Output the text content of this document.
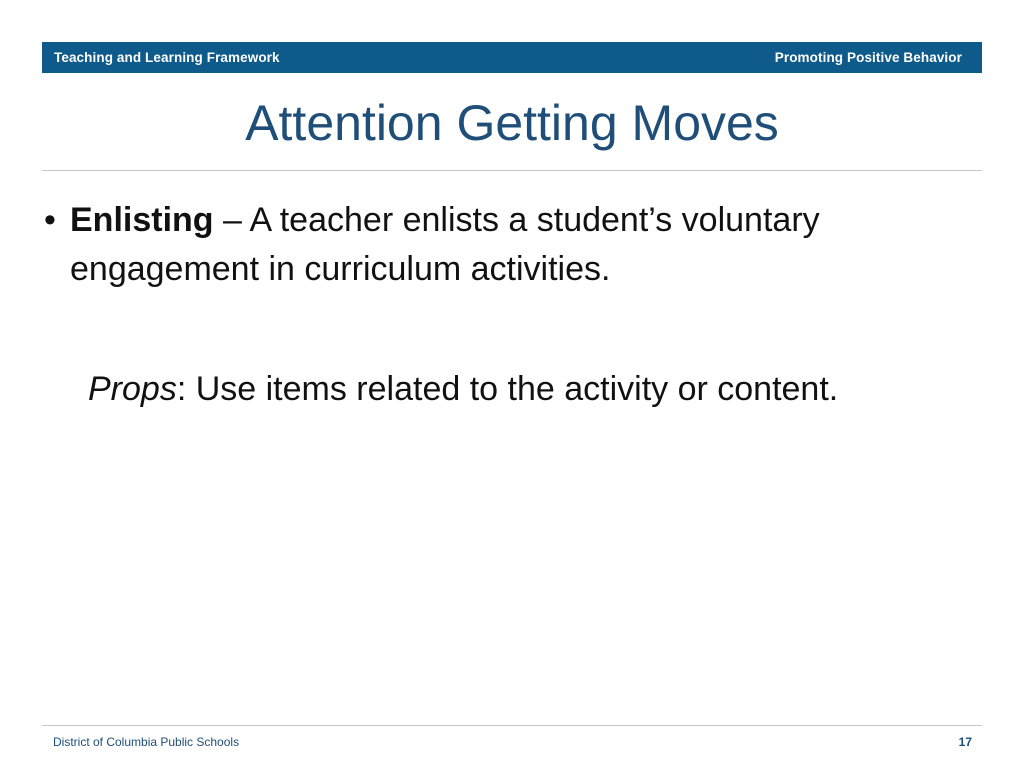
Teaching and Learning Framework	Promoting Positive Behavior
Attention Getting Moves
• Enlisting – A teacher enlists a student’s voluntary engagement in curriculum activities.
Props: Use items related to the activity or content.
District of Columbia Public Schools	17
